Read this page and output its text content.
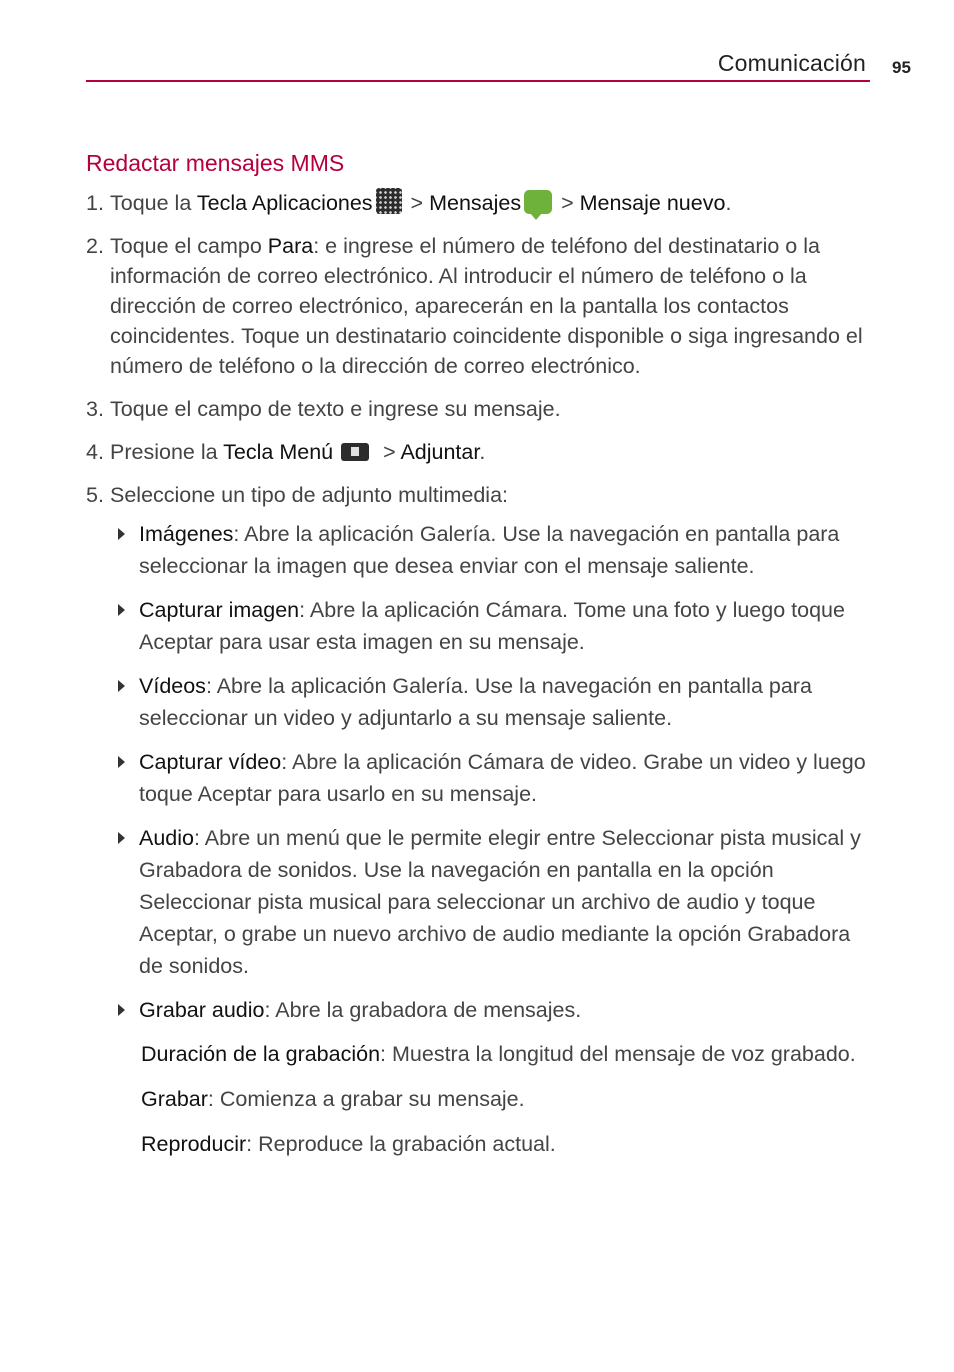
Comunicación 95
Redactar mensajes MMS
1. Toque la Tecla Aplicaciones > Mensajes > Mensaje nuevo.
2. Toque el campo Para: e ingrese el número de teléfono del destinatario o la información de correo electrónico. Al introducir el número de teléfono o la dirección de correo electrónico, aparecerán en la pantalla los contactos coincidentes. Toque un destinatario coincidente disponible o siga ingresando el número de teléfono o la dirección de correo electrónico.
3. Toque el campo de texto e ingrese su mensaje.
4. Presione la Tecla Menú > Adjuntar.
5. Seleccione un tipo de adjunto multimedia:
Imágenes: Abre la aplicación Galería. Use la navegación en pantalla para seleccionar la imagen que desea enviar con el mensaje saliente.
Capturar imagen: Abre la aplicación Cámara. Tome una foto y luego toque Aceptar para usar esta imagen en su mensaje.
Vídeos: Abre la aplicación Galería. Use la navegación en pantalla para seleccionar un video y adjuntarlo a su mensaje saliente.
Capturar vídeo: Abre la aplicación Cámara de video. Grabe un video y luego toque Aceptar para usarlo en su mensaje.
Audio: Abre un menú que le permite elegir entre Seleccionar pista musical y Grabadora de sonidos. Use la navegación en pantalla en la opción Seleccionar pista musical para seleccionar un archivo de audio y toque Aceptar, o grabe un nuevo archivo de audio mediante la opción Grabadora de sonidos.
Grabar audio: Abre la grabadora de mensajes.
Duración de la grabación: Muestra la longitud del mensaje de voz grabado.
Grabar: Comienza a grabar su mensaje.
Reproducir: Reproduce la grabación actual.
